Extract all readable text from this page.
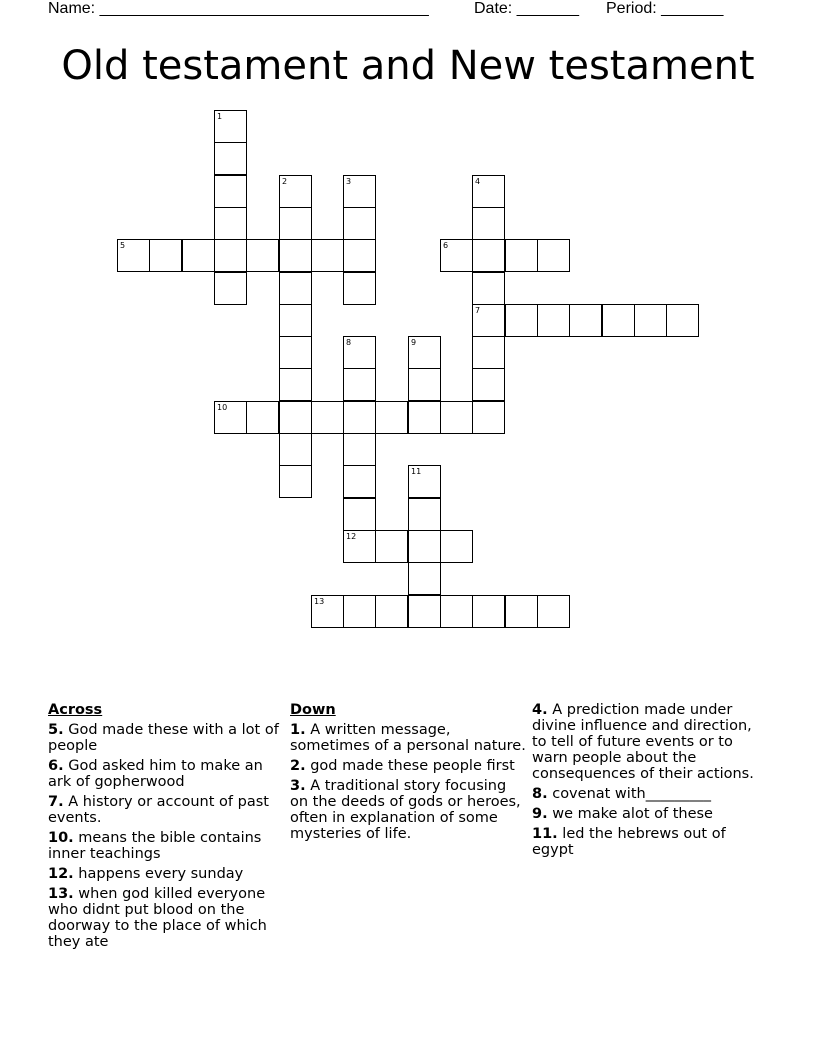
Name: _____________________________________	Date: _______ Period: _______
Old testament and New testament
1
2	3	4
7
5	6
8
12
9
10
11
13
Across
5. God made these with a lot of people
6. God asked him to make an ark of gopherwood
7. A history or account of past events.
10. means the bible contains inner teachings
12. happens every sunday
13. when god killed everyone who didnt put blood on the doorway to the place of which they ate
Down
1. A written message, sometimes of a personal nature.
2. god made these people first
3. A traditional story focusing on the deeds of gods or heroes, often in explanation of some mysteries of life.
4. A prediction made under divine influence and direction, to tell of future events or to warn people about the consequences of their actions.
8. covenat with_________
9. we make alot of these
11. led the hebrews out of egypt
